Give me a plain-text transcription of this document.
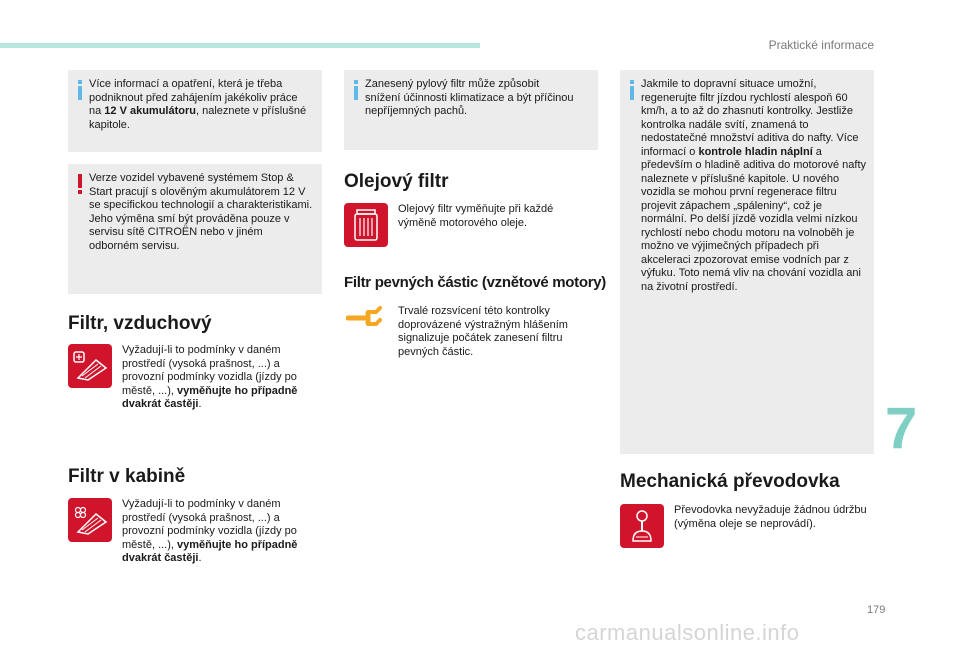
Praktické informace

Více informací a opatření, která je třeba podniknout před zahájením jakékoliv práce na 12 V akumulátoru, naleznete v příslušné kapitole.

Verze vozidel vybavené systémem Stop & Start pracují s olověným akumulátorem 12 V se specifickou technologií a charakteristikami. Jeho výměna smí být prováděna pouze v servisu sítě CITROËN nebo v jiném odborném servisu.

Filtr, vzduchový

Vyžadují-li to podmínky v daném prostředí (vysoká prašnost, ...) a provozní podmínky vozidla (jízdy po městě, ...), vyměňujte ho případně dvakrát častěji.

Filtr v kabině

Vyžadují-li to podmínky v daném prostředí (vysoká prašnost, ...) a provozní podmínky vozidla (jízdy po městě, ...), vyměňujte ho případně dvakrát častěji.

Zanesený pylový filtr může způsobit snížení účinnosti klimatizace a být příčinou nepříjemných pachů.

Olejový filtr

Olejový filtr vyměňujte při každé výměně motorového oleje.

Filtr pevných částic (vznětové motory)

Trvalé rozsvícení této kontrolky doprovázené výstražným hlášením signalizuje počátek zanesení filtru pevných částic.

Jakmile to dopravní situace umožní, regenerujte filtr jízdou rychlostí alespoň 60 km/h, a to až do zhasnutí kontrolky. Jestliže kontrolka nadále svítí, znamená to nedostatečné množství aditiva do nafty. Více informací o kontrole hladin náplní a především o hladině aditiva do motorové nafty naleznete v příslušné kapitole. U nového vozidla se mohou první regenerace filtru projevit zápachem „spáleniny“, což je normální. Po delší jízdě vozidla velmi nízkou rychlostí nebo chodu motoru na volnoběh je možno ve výjimečných případech při akceleraci zpozorovat emise vodních par z výfuku. Toto nemá vliv na chování vozidla ani na životní prostředí.

Mechanická převodovka

Převodovka nevyžaduje žádnou údržbu (výměna oleje se neprovádí).

7
179
carmanualsonline.info
